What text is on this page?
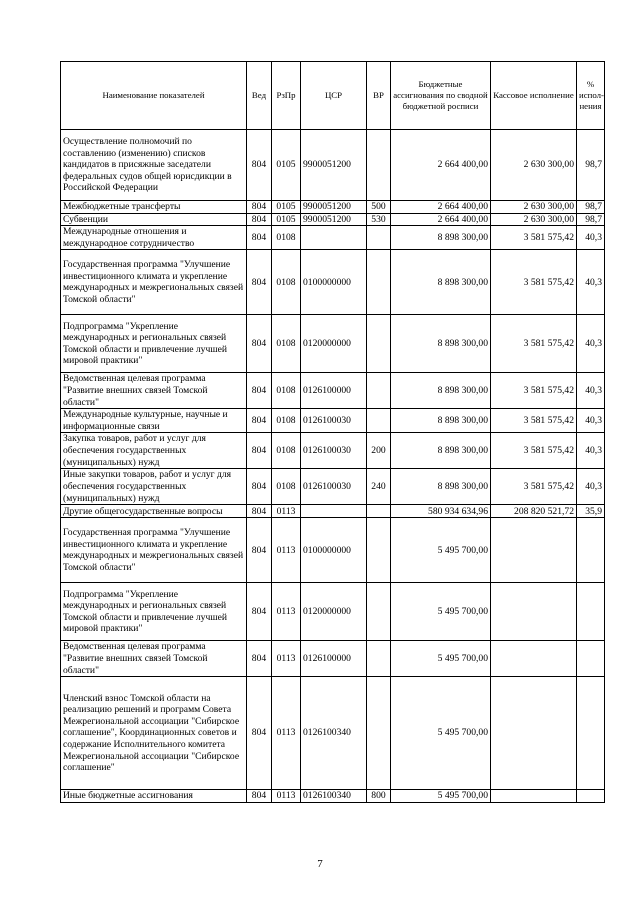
Наименование показателей	Вед	РзПр	ЦСР	ВР	Бюджетные ассигнования по сводной бюджетной росписи	Кассовое исполнение	% испол-нения
Осуществление полномочий по составлению (изменению) списков кандидатов в присяжные заседатели федеральных судов общей юрисдикции в Российской Федерации	804	0105	9900051200		2 664 400,00	2 630 300,00	98,7
Межбюджетные трансферты	804	0105	9900051200	500	2 664 400,00	2 630 300,00	98,7
Субвенции	804	0105	9900051200	530	2 664 400,00	2 630 300,00	98,7
Международные отношения и международное сотрудничество	804	0108			8 898 300,00	3 581 575,42	40,3
Государственная программа "Улучшение инвестиционного климата и укрепление международных и межрегиональных связей Томской области"	804	0108	0100000000		8 898 300,00	3 581 575,42	40,3
Подпрограмма "Укрепление международных и региональных связей Томской области и привлечение лучшей мировой практики"	804	0108	0120000000		8 898 300,00	3 581 575,42	40,3
Ведомственная целевая программа "Развитие внешних связей Томской области"	804	0108	0126100000		8 898 300,00	3 581 575,42	40,3
Международные культурные, научные и информационные связи	804	0108	0126100030		8 898 300,00	3 581 575,42	40,3
Закупка товаров, работ и услуг для обеспечения государственных (муниципальных) нужд	804	0108	0126100030	200	8 898 300,00	3 581 575,42	40,3
Иные закупки товаров, работ и услуг для обеспечения государственных (муниципальных) нужд	804	0108	0126100030	240	8 898 300,00	3 581 575,42	40,3
Другие общегосударственные вопросы	804	0113			580 934 634,96	208 820 521,72	35,9
Государственная программа "Улучшение инвестиционного климата и укрепление международных и межрегиональных связей Томской области"	804	0113	0100000000		5 495 700,00		
Подпрограмма "Укрепление международных и региональных связей Томской области и привлечение лучшей мировой практики"	804	0113	0120000000		5 495 700,00		
Ведомственная целевая программа "Развитие внешних связей Томской области"	804	0113	0126100000		5 495 700,00		
Членский взнос Томской области на реализацию решений и программ Совета Межрегиональной ассоциации "Сибирское соглашение", Координационных советов и содержание Исполнительного комитета Межрегиональной ассоциации "Сибирское соглашение"	804	0113	0126100340		5 495 700,00		
Иные бюджетные ассигнования	804	0113	0126100340	800	5 495 700,00		
7
